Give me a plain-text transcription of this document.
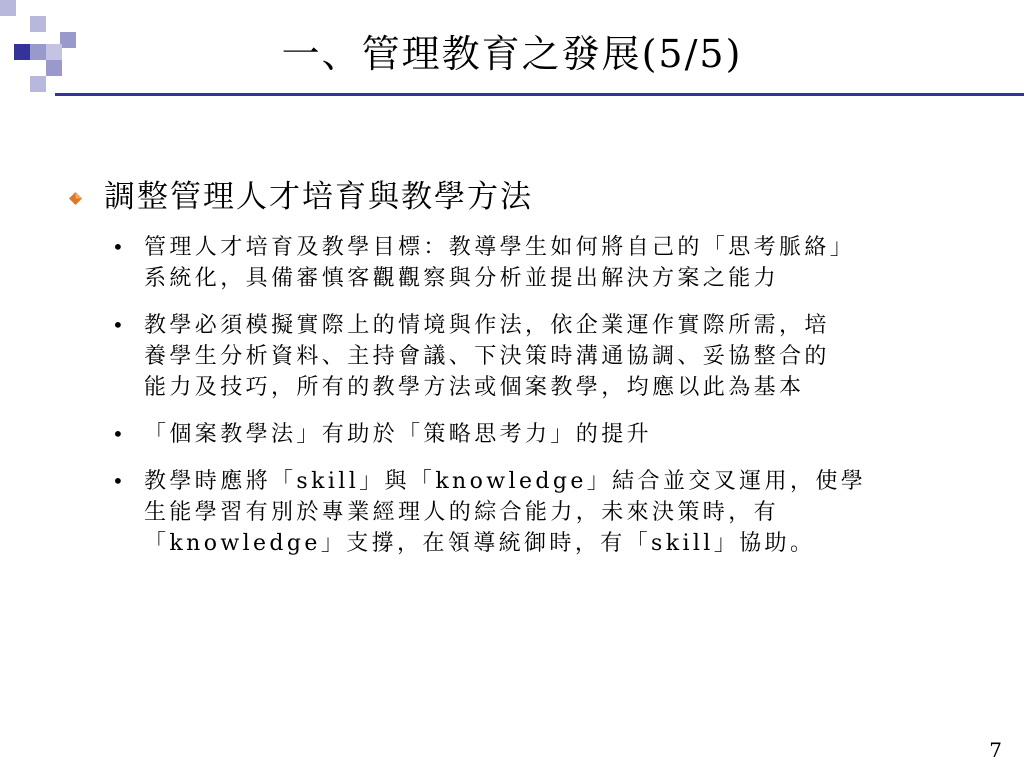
一、管理教育之發展(5/5)
調整管理人才培育與教學方法
• 管理人才培育及教學目標：教導學生如何將自己的「思考脈絡」
系統化，具備審慎客觀觀察與分析並提出解決方案之能力
• 教學必須模擬實際上的情境與作法，依企業運作實際所需，培
養學生分析資料、主持會議、下決策時溝通協調、妥協整合的
能力及技巧，所有的教學方法或個案教學，均應以此為基本
• 「個案教學法」有助於「策略思考力」的提升
• 教學時應將「skill」與「knowledge」結合並交叉運用，使學
生能學習有別於專業經理人的綜合能力，未來決策時，有
「knowledge」支撐，在領導統御時，有「skill」協助。
7
